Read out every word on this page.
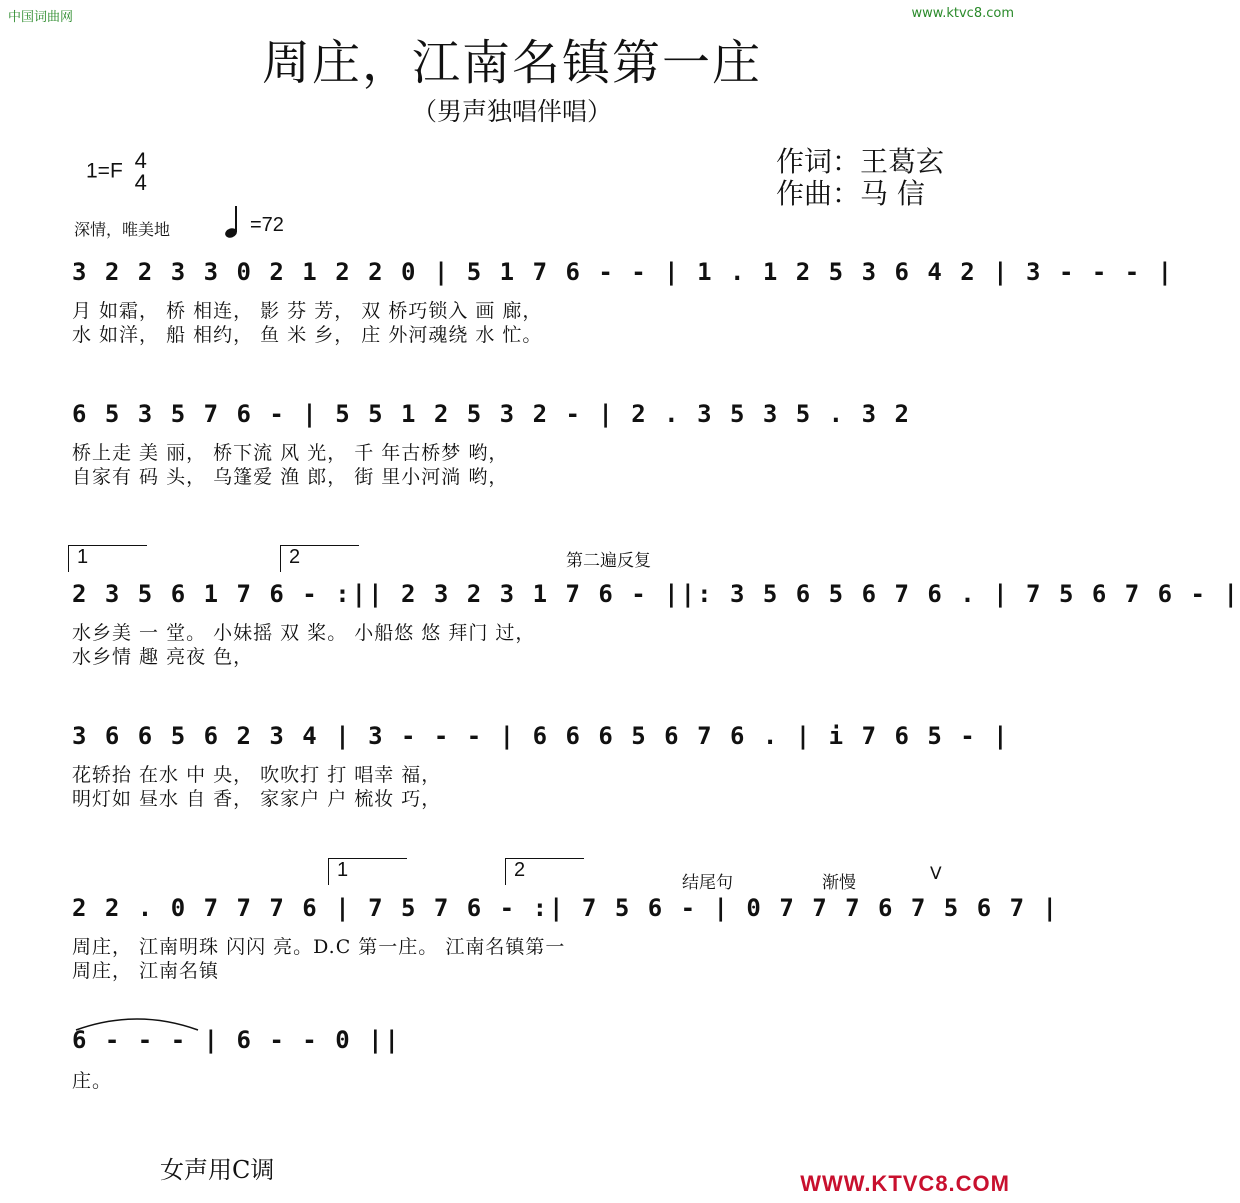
中国词曲网	www.ktvc8.com
周庄，江南名镇第一庄
（男声独唱伴唱）
1=F 4
4
作词：王葛玄
作曲：马 信
深情，唯美地	=72
3 2 2 3 3 0 2 1 2 2 0 | 5 1 7 6 - - | 1 . 1 2 5 3 6 4 2 | 3 - - - |
月 如霜， 桥 相连， 影 芬 芳， 双 桥巧锁入 画 廊，
水 如洋， 船 相约， 鱼 米 乡， 庄 外河魂绕 水 忙。
6 5 3 5 7 6 - | 5 5 1 2 5 3 2 - | 2 . 3 5 3 5 . 3 2
桥上走 美 丽， 桥下流 风 光， 千 年古桥梦 哟，
自家有 码 头， 乌篷爱 渔 郎， 街 里小河淌 哟，
1	2	第二遍反复
2 3 5 6 1 7 6 - :|| 2 3 2 3 1 7 6 - ||: 3 5 6 5 6 7 6 . | 7 5 6 7 6 - |
水乡美 一 堂。 小妹摇 双 桨。 小船悠 悠 拜门 过，
水乡情 趣 亮夜 色，
3 6 6 5 6 2 3 4 | 3 - - - | 6 6 6 5 6 7 6 . | i 7 6 5 - |
花轿抬 在水 中 央， 吹吹打 打 唱幸 福，
明灯如 昼水 自 香， 家家户 户 梳妆 巧，
1	2
结尾句	渐慢	V
2 2 . 0 7 7 7 6 | 7 5 7 6 - :| 7 5 6 - | 0 7 7 7 6 7 5 6 7 |
周庄， 江南明珠 闪闪 亮。D.C 第一庄。 江南名镇第一
周庄， 江南名镇
6 - - - | 6 - - 0 ||
庄。
女声用C调	WWW.KTVC8.COM
